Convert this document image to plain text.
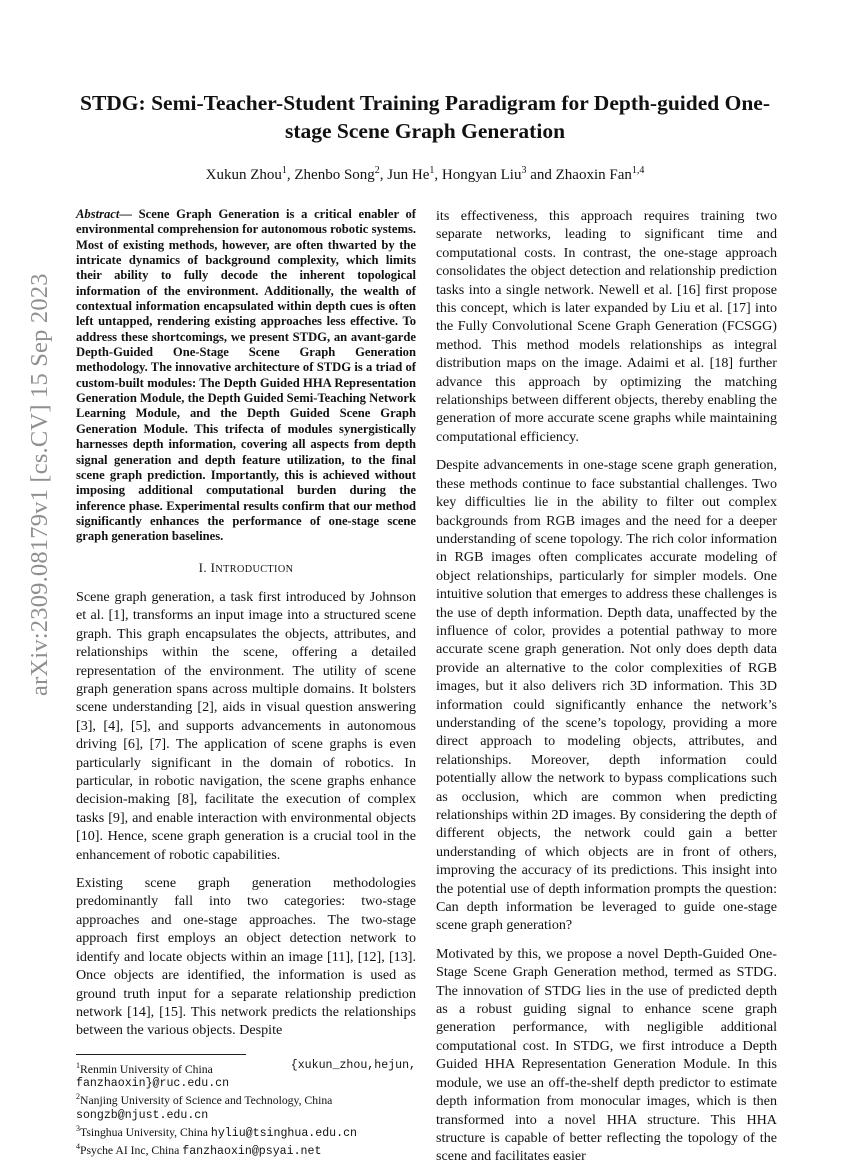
arXiv:2309.08179v1 [cs.CV] 15 Sep 2023
STDG: Semi-Teacher-Student Training Paradigram for Depth-guided One-stage Scene Graph Generation
Xukun Zhou$^1$, Zhenbo Song$^2$, Jun He$^1$, Hongyan Liu$^3$ and Zhaoxin Fan$^{1,4}$

Abstract— Scene Graph Generation is a critical enabler of environmental comprehension for autonomous robotic systems. Most of existing methods, however, are often thwarted by the intricate dynamics of background complexity, which limits their ability to fully decode the inherent topological information of the environment. Additionally, the wealth of contextual information encapsulated within depth cues is often left untapped, rendering existing approaches less effective. To address these shortcomings, we present STDG, an avant-garde Depth-Guided One-Stage Scene Graph Generation methodology. The innovative architecture of STDG is a triad of custom-built modules: The Depth Guided HHA Representation Generation Module, the Depth Guided Semi-Teaching Network Learning Module, and the Depth Guided Scene Graph Generation Module. This trifecta of modules synergistically harnesses depth information, covering all aspects from depth signal generation and depth feature utilization, to the final scene graph prediction. Importantly, this is achieved without imposing additional computational burden during the inference phase. Experimental results confirm that our method significantly enhances the performance of one-stage scene graph generation baselines.

I. INTRODUCTION

Scene graph generation, a task first introduced by Johnson et al. [1], transforms an input image into a structured scene graph. This graph encapsulates the objects, attributes, and relationships within the scene, offering a detailed representation of the environment. The utility of scene graph generation spans across multiple domains. It bolsters scene understanding [2], aids in visual question answering [3], [4], [5], and supports advancements in autonomous driving [6], [7]. The application of scene graphs is even particularly significant in the domain of robotics. In particular, in robotic navigation, the scene graphs enhance decision-making [8], facilitate the execution of complex tasks [9], and enable interaction with environmental objects [10]. Hence, scene graph generation is a crucial tool in the enhancement of robotic capabilities.

Existing scene graph generation methodologies predominantly fall into two categories: two-stage approaches and one-stage approaches. The two-stage approach first employs an object detection network to identify and locate objects within an image [11], [12], [13]. Once objects are identified, the information is used as ground truth input for a separate relationship prediction network [14], [15]. This network predicts the relationships between the various objects. Despite

$^1$Renmin University of China	{xukun_zhou,hejun,
fanzhaoxin}@ruc.edu.cn
$^2$Nanjing University of Science and Technology, China
songzb@njust.edu.cn
$^3$Tsinghua University, China hyliu@tsinghua.edu.cn
$^4$Psyche AI Inc, China fanzhaoxin@psyai.net

its effectiveness, this approach requires training two separate networks, leading to significant time and computational costs. In contrast, the one-stage approach consolidates the object detection and relationship prediction tasks into a single network. Newell et al. [16] first propose this concept, which is later expanded by Liu et al. [17] into the Fully Convolutional Scene Graph Generation (FCSGG) method. This method models relationships as integral distribution maps on the image. Adaimi et al. [18] further advance this approach by optimizing the matching relationships between different objects, thereby enabling the generation of more accurate scene graphs while maintaining computational efficiency.

Despite advancements in one-stage scene graph generation, these methods continue to face substantial challenges. Two key difficulties lie in the ability to filter out complex backgrounds from RGB images and the need for a deeper understanding of scene topology. The rich color information in RGB images often complicates accurate modeling of object relationships, particularly for simpler models. One intuitive solution that emerges to address these challenges is the use of depth information. Depth data, unaffected by the influence of color, provides a potential pathway to more accurate scene graph generation. Not only does depth data provide an alternative to the color complexities of RGB images, but it also delivers rich 3D information. This 3D information could significantly enhance the network’s understanding of the scene’s topology, providing a more direct approach to modeling objects, attributes, and relationships. Moreover, depth information could potentially allow the network to bypass complications such as occlusion, which are common when predicting relationships within 2D images. By considering the depth of different objects, the network could gain a better understanding of which objects are in front of others, improving the accuracy of its predictions. This insight into the potential use of depth information prompts the question: Can depth information be leveraged to guide one-stage scene graph generation?

Motivated by this, we propose a novel Depth-Guided One-Stage Scene Graph Generation method, termed as STDG. The innovation of STDG lies in the use of predicted depth as a robust guiding signal to enhance scene graph generation performance, with negligible additional computational cost. In STDG, we first introduce a Depth Guided HHA Representation Generation Module. In this module, we use an off-the-shelf depth predictor to estimate depth information from monocular images, which is then transformed into a novel HHA structure. This HHA structure is capable of better reflecting the topology of the scene and facilitates easier
